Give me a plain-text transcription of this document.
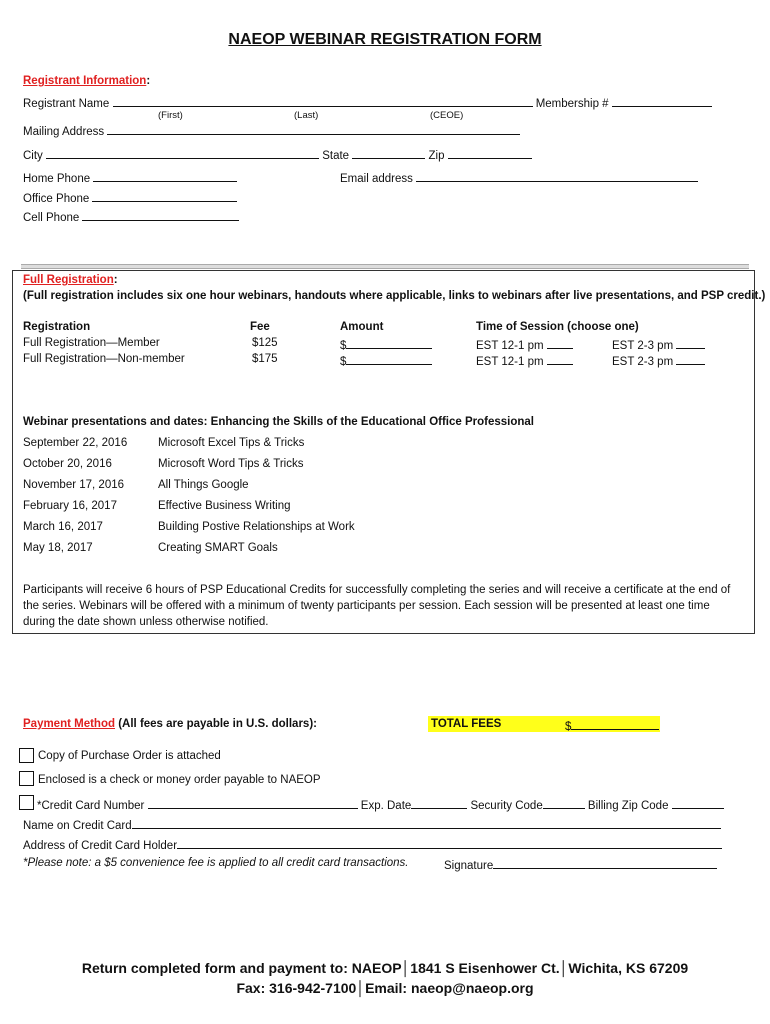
NAEOP WEBINAR REGISTRATION FORM
Registrant Information:
Registrant Name	Membership #
(First)	(Last)	(CEOE)
Mailing Address
City	State	Zip
Home Phone	Email address
Office Phone
Cell Phone
Full Registration:
(Full registration includes six one hour webinars, handouts where applicable, links to webinars after live presentations, and PSP credit.)
Registration	Fee	Amount	Time of Session (choose one)
Full Registration—Member	$125	$	EST 12-1 pm	EST 2-3 pm
Full Registration—Non-member	$175	$	EST 12-1 pm	EST 2-3 pm
Webinar presentations and dates: Enhancing the Skills of the Educational Office Professional
September 22, 2016	Microsoft Excel Tips & Tricks
October 20, 2016	Microsoft Word Tips & Tricks
November 17, 2016	All Things Google
February 16, 2017	Effective Business Writing
March 16, 2017	Building Postive Relationships at Work
May 18, 2017	Creating SMART Goals
Participants will receive 6 hours of PSP Educational Credits for successfully completing the series and will receive a certificate at the end of
the series. Webinars will be offered with a minimum of twenty participants per session. Each session will be presented at least one time
during the date shown unless otherwise notified.
Payment Method (All fees are payable in U.S. dollars):	TOTAL FEES	$
Copy of Purchase Order is attached
Enclosed is a check or money order payable to NAEOP
*Credit Card Number	Exp. Date	Security Code	Billing Zip Code
Name on Credit Card
Address of Credit Card Holder
*Please note: a $5 convenience fee is applied to all credit card transactions.	Signature
Return completed form and payment to: NAEOP│1841 S Eisenhower Ct.│Wichita, KS 67209
Fax: 316-942-7100│Email: naeop@naeop.org
